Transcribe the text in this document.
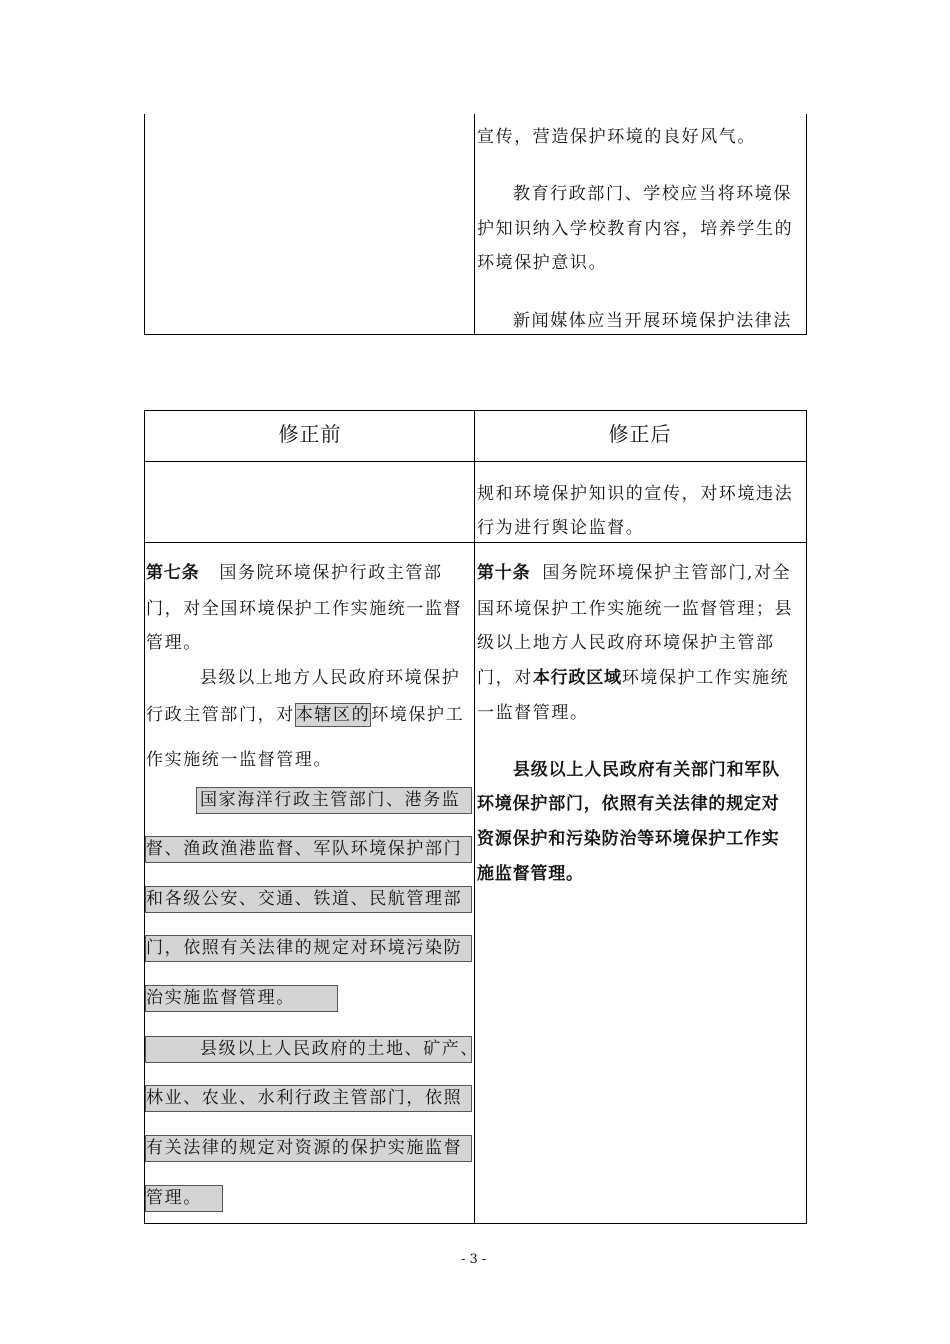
宣传，营造保护环境的良好风气。
教育行政部门、学校应当将环境保
护知识纳入学校教育内容，培养学生的
环境保护意识。
新闻媒体应当开展环境保护法律法
修正前	修正后
规和环境保护知识的宣传，对环境违法
行为进行舆论监督。
第七条 国务院环境保护行政主管部
门，对全国环境保护工作实施统一监督
管理。
县级以上地方人民政府环境保护
行政主管部门，对本辖区的环境保护工
作实施统一监督管理。
国家海洋行政主管部门、港务监
督、渔政渔港监督、军队环境保护部门
和各级公安、交通、铁道、民航管理部
门，依照有关法律的规定对环境污染防
治实施监督管理。
县级以上人民政府的土地、矿产、
林业、农业、水利行政主管部门，依照
有关法律的规定对资源的保护实施监督
管理。
第十条 国务院环境保护主管部门,对全
国环境保护工作实施统一监督管理；县
级以上地方人民政府环境保护主管部
门，对本行政区域环境保护工作实施统
一监督管理。
县级以上人民政府有关部门和军队
环境保护部门，依照有关法律的规定对
资源保护和污染防治等环境保护工作实
施监督管理。
- 3 -
